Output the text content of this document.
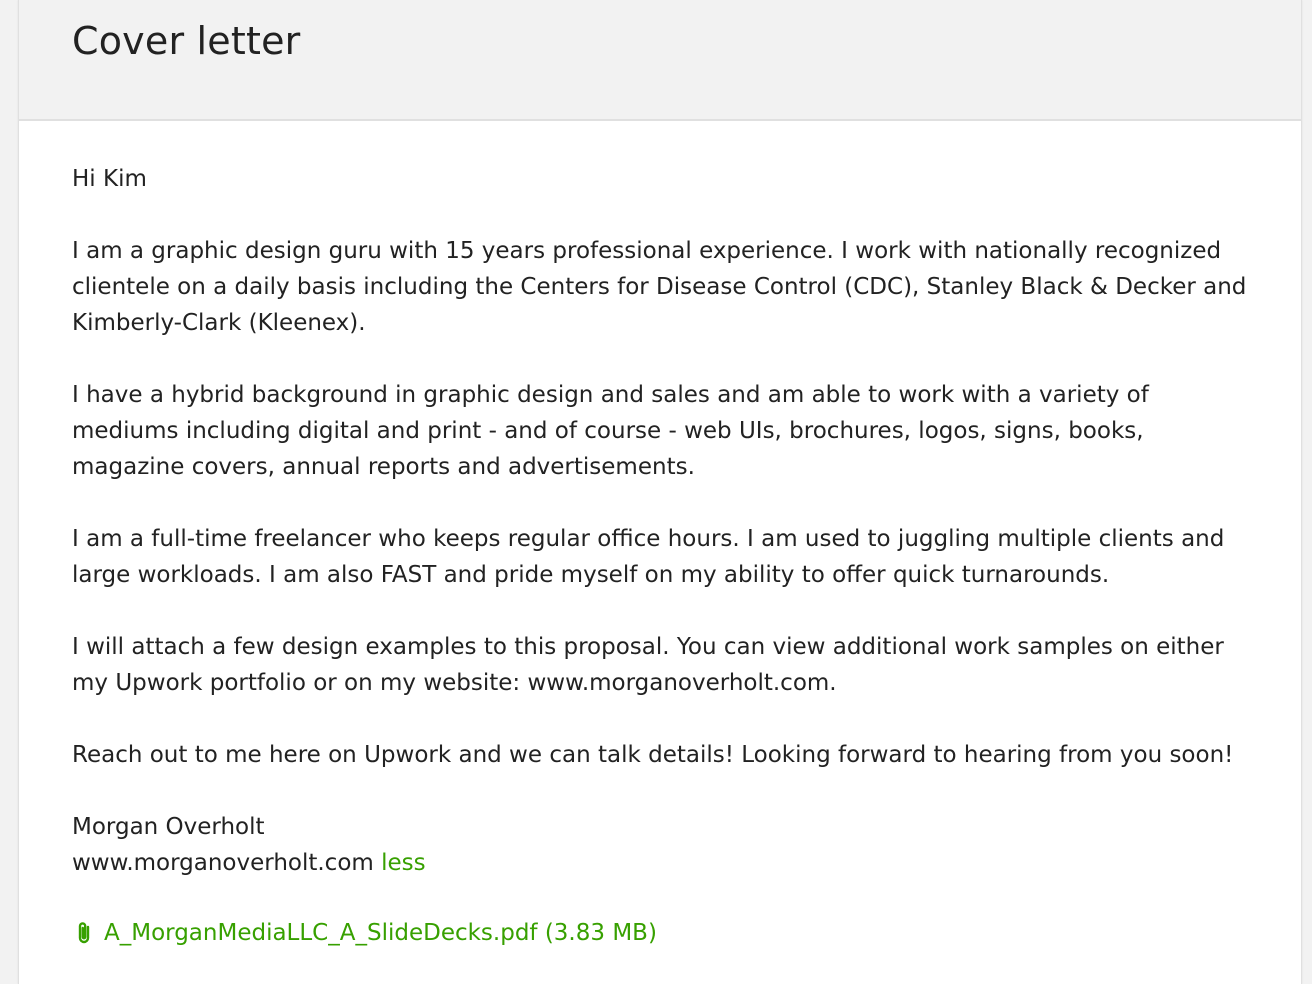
Cover letter

Hi Kim

I am a graphic design guru with 15 years professional experience. I work with nationally recognized clientele on a daily basis including the Centers for Disease Control (CDC), Stanley Black & Decker and Kimberly-Clark (Kleenex).

I have a hybrid background in graphic design and sales and am able to work with a variety of mediums including digital and print - and of course - web UIs, brochures, logos, signs, books, magazine covers, annual reports and advertisements.

I am a full-time freelancer who keeps regular office hours. I am used to juggling multiple clients and large workloads. I am also FAST and pride myself on my ability to offer quick turnarounds.

I will attach a few design examples to this proposal. You can view additional work samples on either my Upwork portfolio or on my website: www.morganoverholt.com.

Reach out to me here on Upwork and we can talk details! Looking forward to hearing from you soon!

Morgan Overholt
www.morganoverholt.com less
A_MorganMediaLLC_A_SlideDecks.pdf (3.83 MB)
